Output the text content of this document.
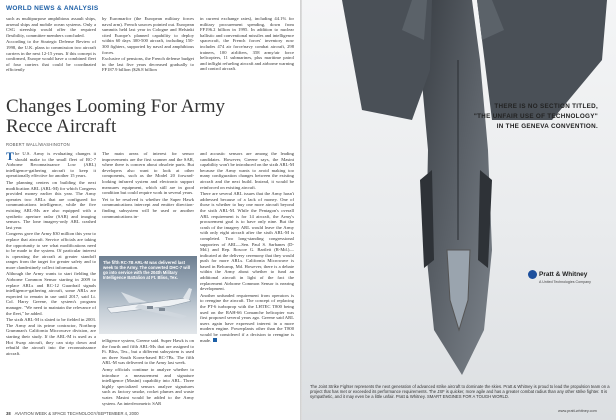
WORLD NEWS & ANALYSIS

such as multipurpose amphibious assault ships, arsenal ships and mobile ocean systems. Only a CSG steership would offer the required flexibility, committee members concluded.

According to the Strategic Defense Review of 1998, the U.K. plans to commission two aircraft carriers in the next 12-15 years. If this concept is confirmed, Europe would have a combined fleet of four carriers that could be coordinated efficiently

by Euromarfor (the European military forces naval arm). French sources pointed out. European summits held last year in Cologne and Helsinki cited Europe's planned capability to deploy within 60 days 300-500 aircraft, including 150-300 fighters, supported by naval and amphibious forces.

Exclusive of pensions, the French defense budget in the last five years decreased gradually to FF187.9 billion ($26.8 billion

in current exchange rates), including 44.1% for military procurement spending, down from FF196.2 billion in 1995. In addition to nuclear ballistic and conventional missiles and intelligence spacecraft, the French forces' inventory now includes 474 air force/navy combat aircraft, 298 trainers, 100 airlifters, 358 army/air force helicopters, 11 submarines, plus maritime patrol and inflight refueling aircraft and airborne warning and control aircraft.

Changes Looming For Army Recce Aircraft
ROBERT WALL/WASHINGTON

The U.S. Army is evaluating changes it should make to the small fleet of RC-7 Airborne Reconnaissance Low (ARL) intelligence-gathering aircraft to keep it operationally effective for another 15 years.

The planning centers on building the next modification ARL (ARL-M) for which Congress provided money earlier this year. The Army operates two ARLs that are configured for communications intelligence, while the five existing ARL-Ms are also equipped with a synthetic aperture radar (SAR) and imaging sensors. The lone imagery-only ARL crashed last year.

Congress gave the Army $30 million this year to replace that aircraft. Service officials are taking the opportunity to see what modifications need to be made to the system. Of particular interest is operating the aircraft at greater standoff ranges from the target for greater safety and to more clandestinely collect information.

Although the Army wants to start fielding the Airborne Common Sensor starting in 2009 to replace ARLs and RC-12 Guardrail signals intelligence-gathering aircraft, some ARLs are expected to remain in use until 2017, said Lt. Col. Harry Greene, the system's program manager. "We need to maintain the relevance of the fleet," he added.

The sixth ARL-M is slated to be fielded in 2003. The Army and its prime contractor, Northrop Grumman's California Microwave division, are starting their study. If the ARL-M is used as a Hot Swap aircraft, they can strip down and rebuild the aircraft into the reconnaissance aircraft.

The main areas of interest for sensor improvements are the first scanner and the SAR, where there is concern about obsolete parts. But developers also want to look at other components, such as the Model 20 forward-looking infrared system and electronic support measures equipment, which still are in good condition but could require work in several years.

Yet to be resolved is whether the Super Hawk communications intercept and emitter direction-finding subsystem will be used or another communications in-

The fifth RC-7B ARL-M was delivered last week to the Army. The converted DHC-7 will go into service with the 204th Military Intelligence Battalion at Ft. Bliss, Tex.

telligence system, Greene said. Super Hawk is on the fourth and fifth ARL-Ms that are assigned to Ft. Bliss, Tex., but a different subsystem is used on three South Korea-based RC-7Bs. The fifth ARL-M was delivered to the Army last week.

Army officials continue to analyze whether to introduce a measurement and signature intelligence (Masint) capability into ARL. Three highly specialized sensors analyze signatures such as factory smoke, rocket plumes and waste water. Masint would be added to the Army system. An interferometric SAR

and acoustic sensors are among the leading candidates. However, Greene says, the Masint capability won't be introduced on the sixth ARL-M because the Army wants to avoid making too many configuration changes between the existing aircraft and the next build. Instead, it would be reinforced on existing aircraft.

There are several ARL issues that the Army hasn't addressed because of a lack of money. One of those is whether to buy one more aircraft beyond the sixth ARL-M. While the Pentagon's overall ARL requirement is for 14 aircraft, the Army's procurement goal is to have only nine. But the crash of the imagery ARL would leave the Army with only eight aircraft after the sixth ARL-M is completed. Two long-standing congressional supporters of ARL—Sen. Paul S. Sarbanes (D-Md.) and Rep. Roscoe G. Bartlett (R-Md.)—indicated at the delivery ceremony that they would push for more ARLs. California Microwave is based in Belcamp, Md. However, there is a debate within the Army about whether to fund an additional aircraft in light of the fact the replacement Airborne Common Sensor is nearing development.

Another unfunded requirement from operators is to reengine the aircraft. The concept of replacing the PT-6 turboprop with the LHTEC T800 being used on the RAH-66 Comanche helicopter was first proposed several years ago. Greene said ARL users again have expressed interest in a more modern engine. Powerplants other than the T800 would be considered if a decision to reengine is made.

38 AVIATION WEEK & SPACE TECHNOLOGY/SEPTEMBER 4, 2000
THERE IS NO SECTION TITLED,
"THE UNFAIR USE OF TECHNOLOGY"
IN THE GENEVA CONVENTION.
Pratt & Whitney
A United Technologies Company
The Joint Strike Fighter represents the next generation of advanced strike aircraft to dominate the skies. Pratt & Whitney is proud to lead the propulsion team on a project that has met or exceeded its performance requirements. The JSF is quicker, more agile and has a greater combat radius than any other strike fighter. It is sympathetic, and it may even be a little unfair. Pratt & Whitney. SMART ENGINES FOR A TOUGH WORLD.
www.pratt-whitney.com
